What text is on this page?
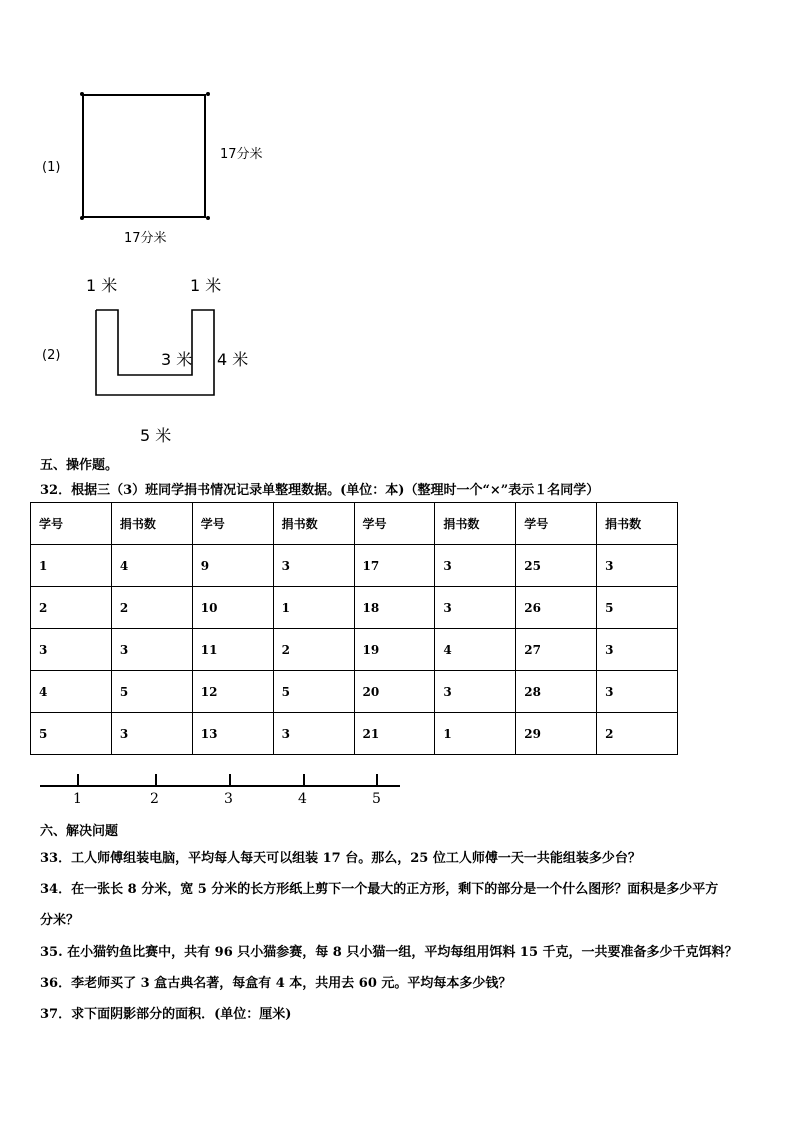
(1)
17分米
17分米
(2)
1 米	1 米
3 米 4 米
5 米
五、操作题。
32．根据三（3）班同学捐书情况记录单整理数据。(单位：本)（整理时一个“×”表示１名同学）
学号	捐书数	学号	捐书数	学号	捐书数	学号	捐书数
1	4	9	3	17	3	25	3
2	2	10	1	18	3	26	5
3	3	11	2	19	4	27	3
4	5	12	5	20	3	28	3
5	3	13	3	21	1	29	2
1	2	3	4	5
六、解决问题
33．工人师傅组装电脑，平均每人每天可以组装 17 台。那么，25 位工人师傅一天一共能组装多少台？
34．在一张长 8 分米，宽 5 分米的长方形纸上剪下一个最大的正方形，剩下的部分是一个什么图形？面积是多少平方
分米？
35. 在小猫钓鱼比赛中，共有 96 只小猫参赛，每 8 只小猫一组，平均每组用饵料 15 千克，一共要准备多少千克饵料？
36．李老师买了 3 盒古典名著，每盒有 4 本，共用去 60 元。平均每本多少钱？
37．求下面阴影部分的面积．(单位：厘米)
